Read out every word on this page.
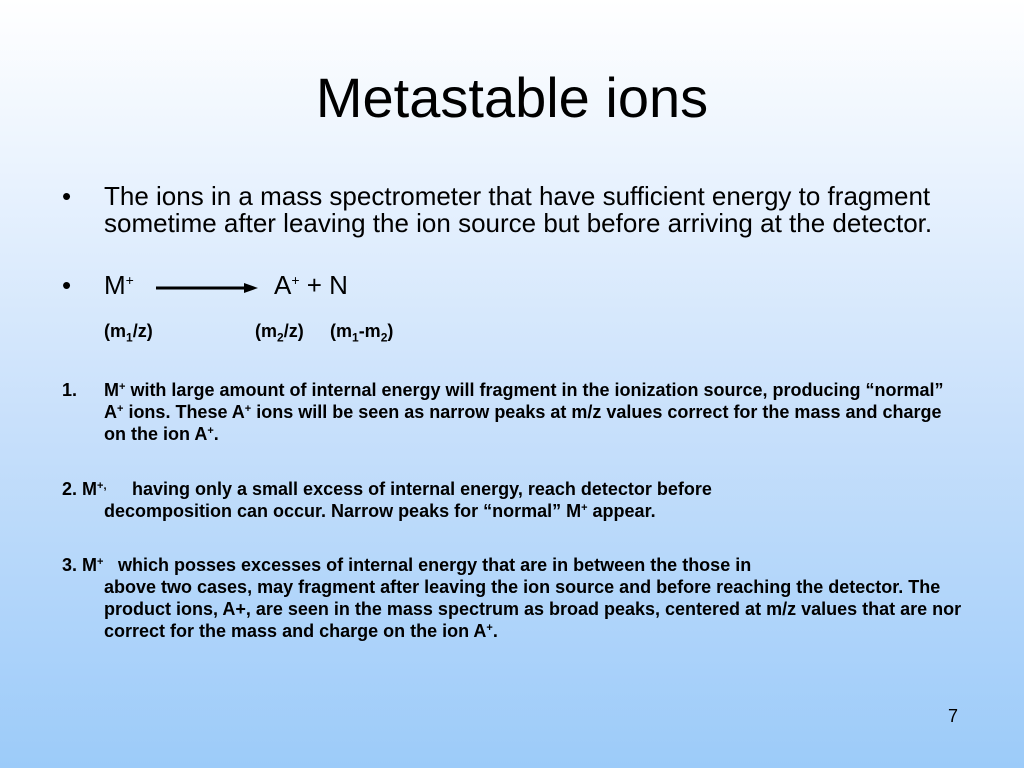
Metastable ions
• The ions in a mass spectrometer that have sufficient energy to fragment sometime after leaving the ion source but before arriving at the detector.
• M+	A+ + N
$(m_1/z)$	$(m_2/z)$ $(m_1-m_2)$
1. M+ with large amount of internal energy will fragment in the ionization source, producing “normal” A+ ions. These A+ ions will be seen as narrow peaks at m/z values correct for the mass and charge on the ion A+.
2. M+,	having only a small excess of internal energy, reach detector before
decomposition can occur. Narrow peaks for “normal” M+ appear.
3. M+ which posses excesses of internal energy that are in between the those in
above two cases, may fragment after leaving the ion source and before reaching the detector. The product ions, A+, are seen in the mass spectrum as broad peaks, centered at m/z values that are nor correct for the mass and charge on the ion A+.
7
